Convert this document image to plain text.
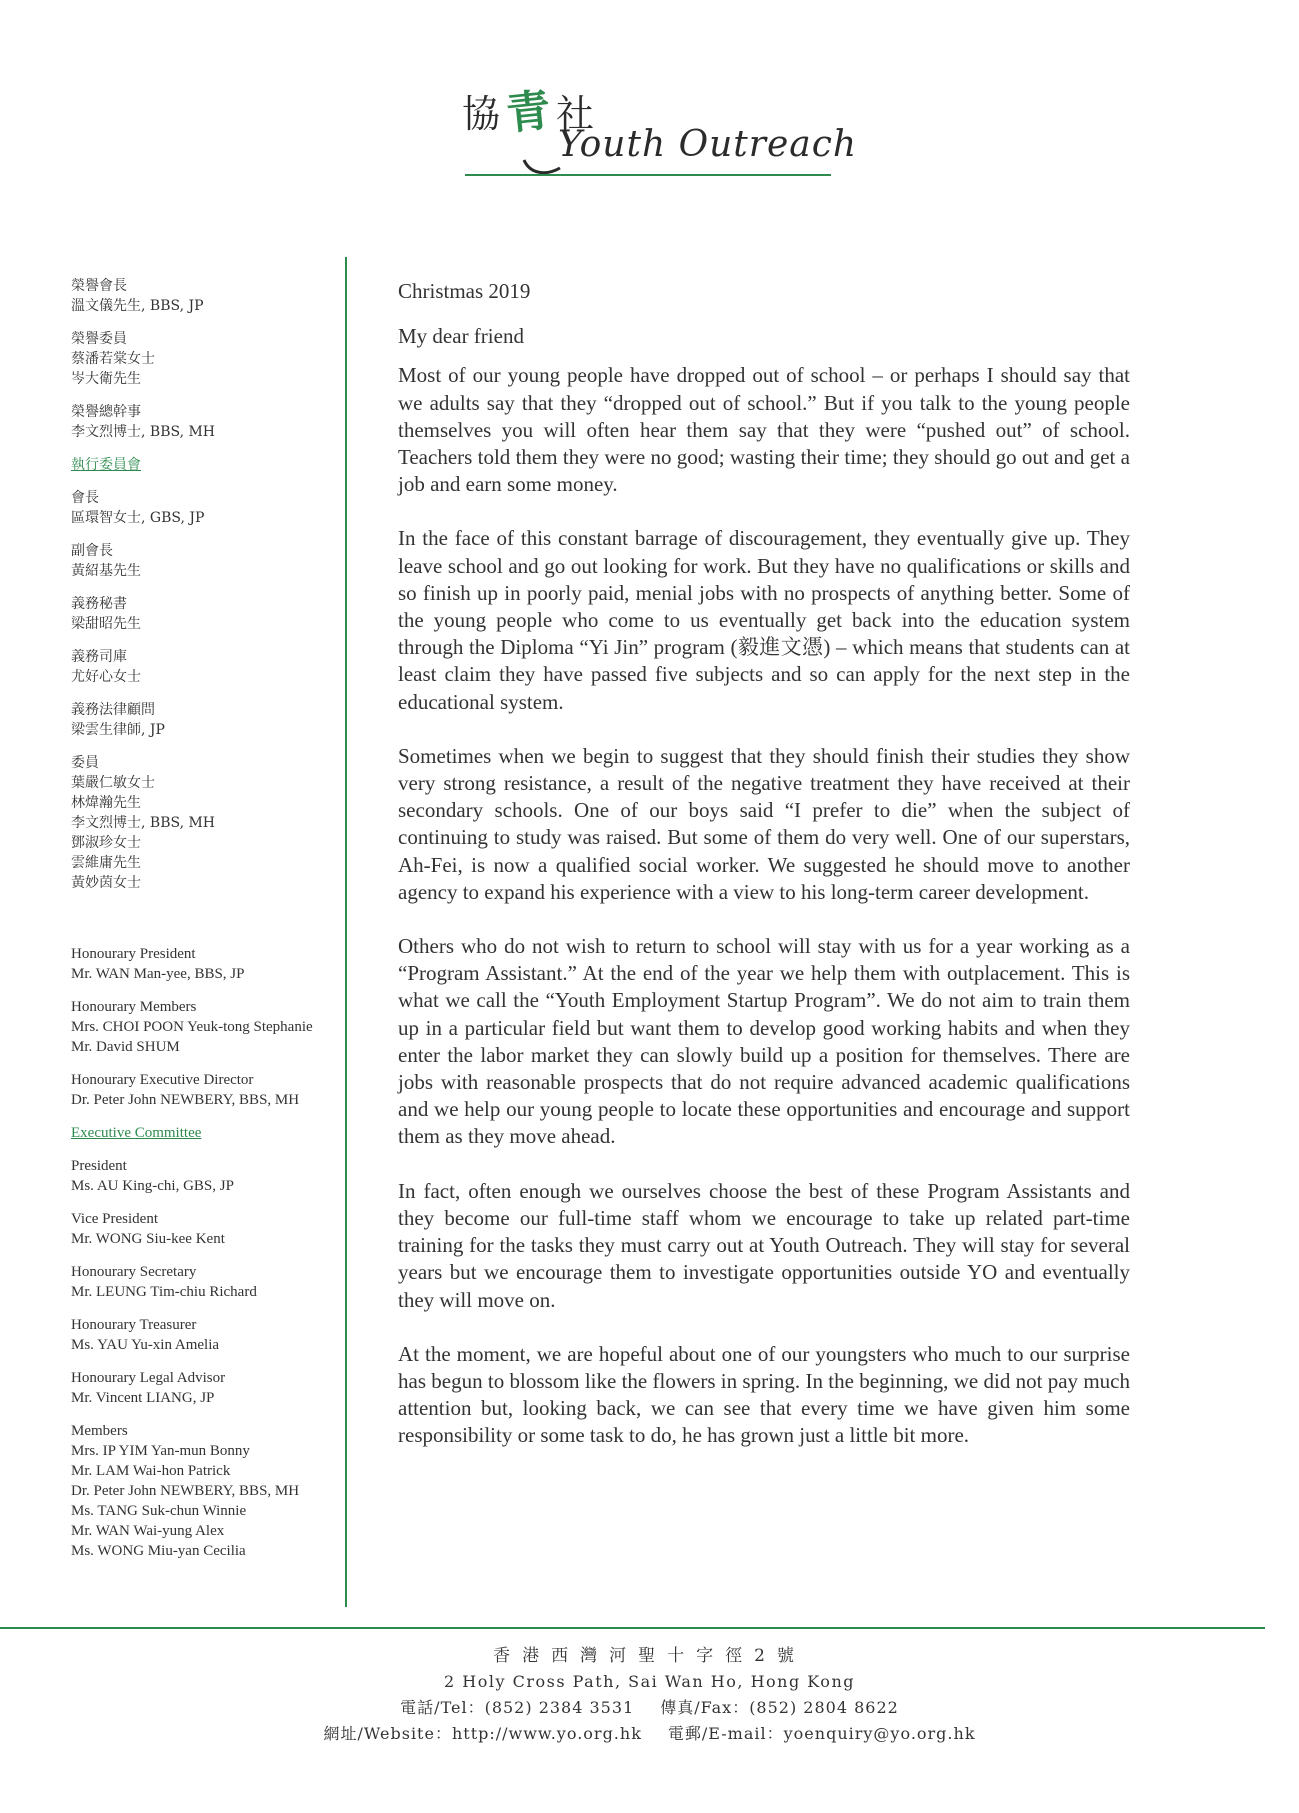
協青社
Youth Outreach
榮譽會長
溫文儀先生, BBS, JP
榮譽委員
蔡潘若棠女士
岑大衛先生
榮譽總幹事
李文烈博士, BBS, MH
執行委員會
會長
區環智女士, GBS, JP
副會長
黃紹基先生
義務秘書
梁甜昭先生
義務司庫
尤好心女士
義務法律顧問
梁雲生律師, JP
委員
葉嚴仁敏女士
林煒瀚先生
李文烈博士, BBS, MH
鄧淑珍女士
雲維庸先生
黃妙茵女士
Honourary President
Mr. WAN Man-yee, BBS, JP
Honourary Members
Mrs. CHOI POON Yeuk-tong Stephanie
Mr. David SHUM
Honourary Executive Director
Dr. Peter John NEWBERY, BBS, MH
Executive Committee
President
Ms. AU King-chi, GBS, JP
Vice President
Mr. WONG Siu-kee Kent
Honourary Secretary
Mr. LEUNG Tim-chiu Richard
Honourary Treasurer
Ms. YAU Yu-xin Amelia
Honourary Legal Advisor
Mr. Vincent LIANG, JP
Members
Mrs. IP YIM Yan-mun Bonny
Mr. LAM Wai-hon Patrick
Dr. Peter John NEWBERY, BBS, MH
Ms. TANG Suk-chun Winnie
Mr. WAN Wai-yung Alex
Ms. WONG Miu-yan Cecilia
Christmas 2019
My dear friend

Most of our young people have dropped out of school – or perhaps I should say that we adults say that they “dropped out of school.” But if you talk to the young people themselves you will often hear them say that they were “pushed out” of school. Teachers told them they were no good; wasting their time; they should go out and get a job and earn some money.

In the face of this constant barrage of discouragement, they eventually give up. They leave school and go out looking for work. But they have no qualifications or skills and so finish up in poorly paid, menial jobs with no prospects of anything better. Some of the young people who come to us eventually get back into the education system through the Diploma “Yi Jin” program (毅進文憑) – which means that students can at least claim they have passed five subjects and so can apply for the next step in the educational system.

Sometimes when we begin to suggest that they should finish their studies they show very strong resistance, a result of the negative treatment they have received at their secondary schools. One of our boys said “I prefer to die” when the subject of continuing to study was raised. But some of them do very well. One of our superstars, Ah-Fei, is now a qualified social worker. We suggested he should move to another agency to expand his experience with a view to his long-term career development.

Others who do not wish to return to school will stay with us for a year working as a “Program Assistant.” At the end of the year we help them with outplacement. This is what we call the “Youth Employment Startup Program”. We do not aim to train them up in a particular field but want them to develop good working habits and when they enter the labor market they can slowly build up a position for themselves. There are jobs with reasonable prospects that do not require advanced academic qualifications and we help our young people to locate these opportunities and encourage and support them as they move ahead.

In fact, often enough we ourselves choose the best of these Program Assistants and they become our full-time staff whom we encourage to take up related part-time training for the tasks they must carry out at Youth Outreach. They will stay for several years but we encourage them to investigate opportunities outside YO and eventually they will move on.

At the moment, we are hopeful about one of our youngsters who much to our surprise has begun to blossom like the flowers in spring. In the beginning, we did not pay much attention but, looking back, we can see that every time we have given him some responsibility or some task to do, he has grown just a little bit more.

香港西灣河聖十字徑2號
2 Holy Cross Path, Sai Wan Ho, Hong Kong
電話/Tel：(852) 2384 3531 傳真/Fax：(852) 2804 8622
網址/Website：http://www.yo.org.hk 電郵/E-mail：yoenquiry@yo.org.hk
